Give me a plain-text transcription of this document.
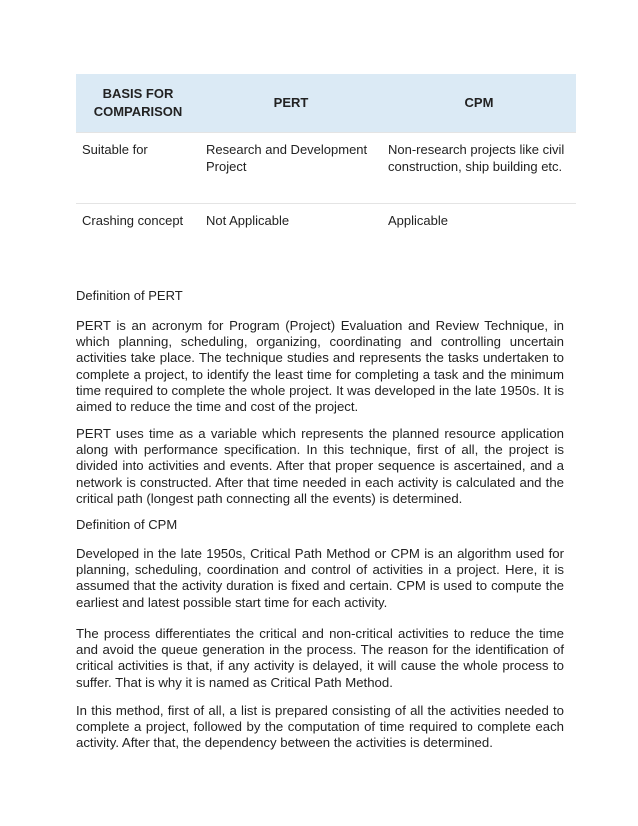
BASIS FOR COMPARISON	PERT	CPM
Suitable for	Research and Development Project	Non-research projects like civil construction, ship building etc.
Crashing concept	Not Applicable	Applicable
Definition of PERT

PERT is an acronym for Program (Project) Evaluation and Review Technique, in which planning, scheduling, organizing, coordinating and controlling uncertain activities take place. The technique studies and represents the tasks undertaken to complete a project, to identify the least time for completing a task and the minimum time required to complete the whole project. It was developed in the late 1950s. It is aimed to reduce the time and cost of the project.

PERT uses time as a variable which represents the planned resource application along with performance specification. In this technique, first of all, the project is divided into activities and events. After that proper sequence is ascertained, and a network is constructed. After that time needed in each activity is calculated and the critical path (longest path connecting all the events) is determined.

Definition of CPM

Developed in the late 1950s, Critical Path Method or CPM is an algorithm used for planning, scheduling, coordination and control of activities in a project. Here, it is assumed that the activity duration is fixed and certain. CPM is used to compute the earliest and latest possible start time for each activity.

The process differentiates the critical and non-critical activities to reduce the time and avoid the queue generation in the process. The reason for the identification of critical activities is that, if any activity is delayed, it will cause the whole process to suffer. That is why it is named as Critical Path Method.

In this method, first of all, a list is prepared consisting of all the activities needed to complete a project, followed by the computation of time required to complete each activity. After that, the dependency between the activities is determined.
